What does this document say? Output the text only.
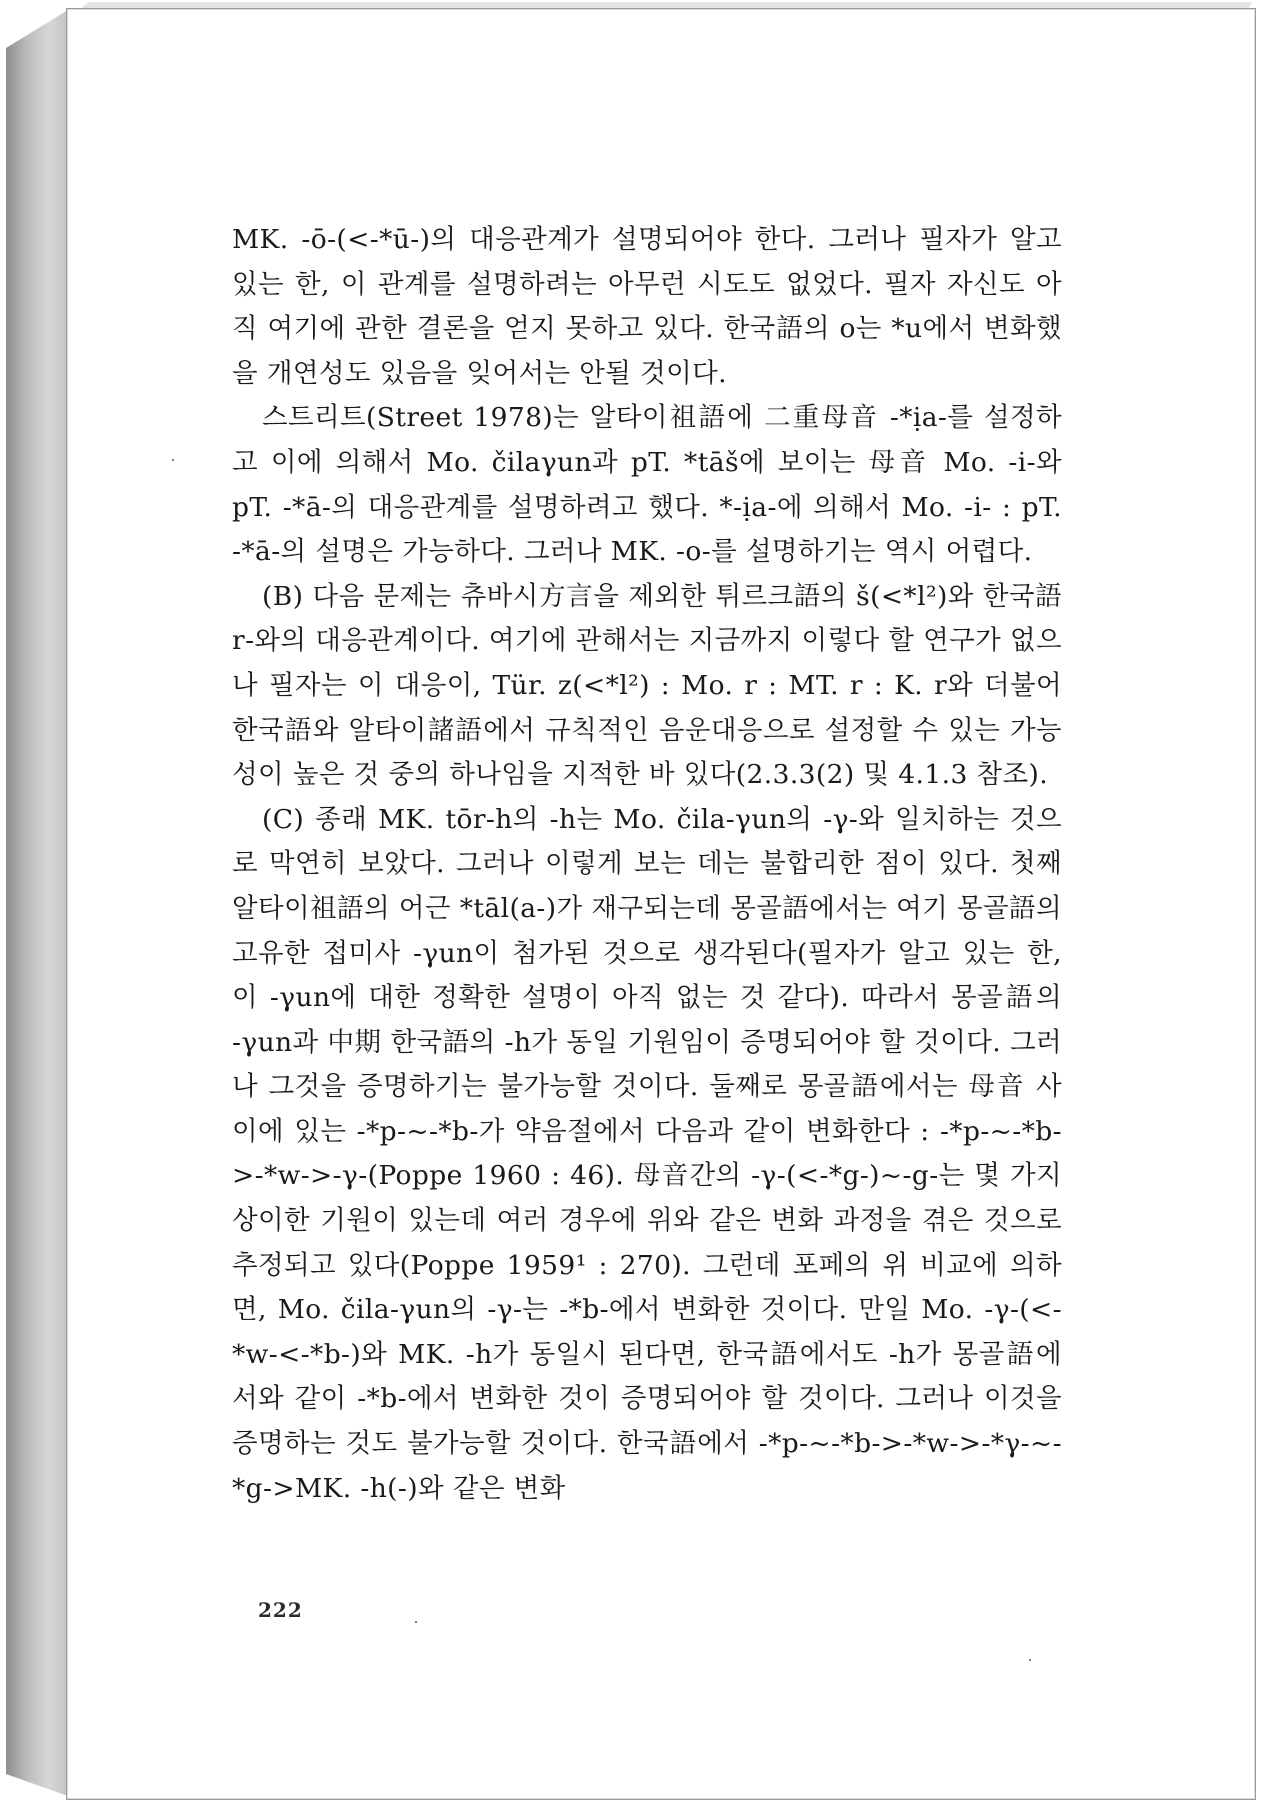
MK. -ō-(<-*ū-)의 대응관계가 설명되어야 한다. 그러나 필자가 알고 있는 한, 이 관계를 설명하려는 아무런 시도도 없었다. 필자 자신도 아직 여기에 관한 결론을 얻지 못하고 있다. 한국語의 o는 *u에서 변화했을 개연성도 있음을 잊어서는 안될 것이다.

스트리트(Street 1978)는 알타이祖語에 二重母音 -*ịa-를 설정하고 이에 의해서 Mo. čilaγun과 pT. *tāš에 보이는 母音 Mo. -i-와 pT. -*ā-의 대응관계를 설명하려고 했다. *-ịa-에 의해서 Mo. -i- : pT. -*ā-의 설명은 가능하다. 그러나 MK. -o-를 설명하기는 역시 어렵다.

(B) 다음 문제는 츄바시方言을 제외한 튀르크語의 š(<*l²)와 한국語 r-와의 대응관계이다. 여기에 관해서는 지금까지 이렇다 할 연구가 없으나 필자는 이 대응이, Tür. z(<*l²) : Mo. r : MT. r : K. r와 더불어 한국語와 알타이諸語에서 규칙적인 음운대응으로 설정할 수 있는 가능성이 높은 것 중의 하나임을 지적한 바 있다(2.3.3(2) 및 4.1.3 참조).

(C) 종래 MK. tōr-h의 -h는 Mo. čila-γun의 -γ-와 일치하는 것으로 막연히 보았다. 그러나 이렇게 보는 데는 불합리한 점이 있다. 첫째 알타이祖語의 어근 *tāl(a-)가 재구되는데 몽골語에서는 여기 몽골語의 고유한 접미사 -γun이 첨가된 것으로 생각된다(필자가 알고 있는 한, 이 -γun에 대한 정확한 설명이 아직 없는 것 같다). 따라서 몽골語의 -γun과 中期 한국語의 -h가 동일 기원임이 증명되어야 할 것이다. 그러나 그것을 증명하기는 불가능할 것이다. 둘째로 몽골語에서는 母音 사이에 있는 -*p-~-*b-가 약음절에서 다음과 같이 변화한다 : -*p-~-*b->-*w->-γ-(Poppe 1960 : 46). 母音간의 -γ-(<-*g-)~-g-는 몇 가지 상이한 기원이 있는데 여러 경우에 위와 같은 변화 과정을 겪은 것으로 추정되고 있다(Poppe 1959¹ : 270). 그런데 포페의 위 비교에 의하면, Mo. čila-γun의 -γ-는 -*b-에서 변화한 것이다. 만일 Mo. -γ-(<-*w-<-*b-)와 MK. -h가 동일시 된다면, 한국語에서도 -h가 몽골語에서와 같이 -*b-에서 변화한 것이 증명되어야 할 것이다. 그러나 이것을 증명하는 것도 불가능할 것이다. 한국語에서 -*p-~-*b->-*w->-*γ-~-*g->MK. -h(-)와 같은 변화

222
